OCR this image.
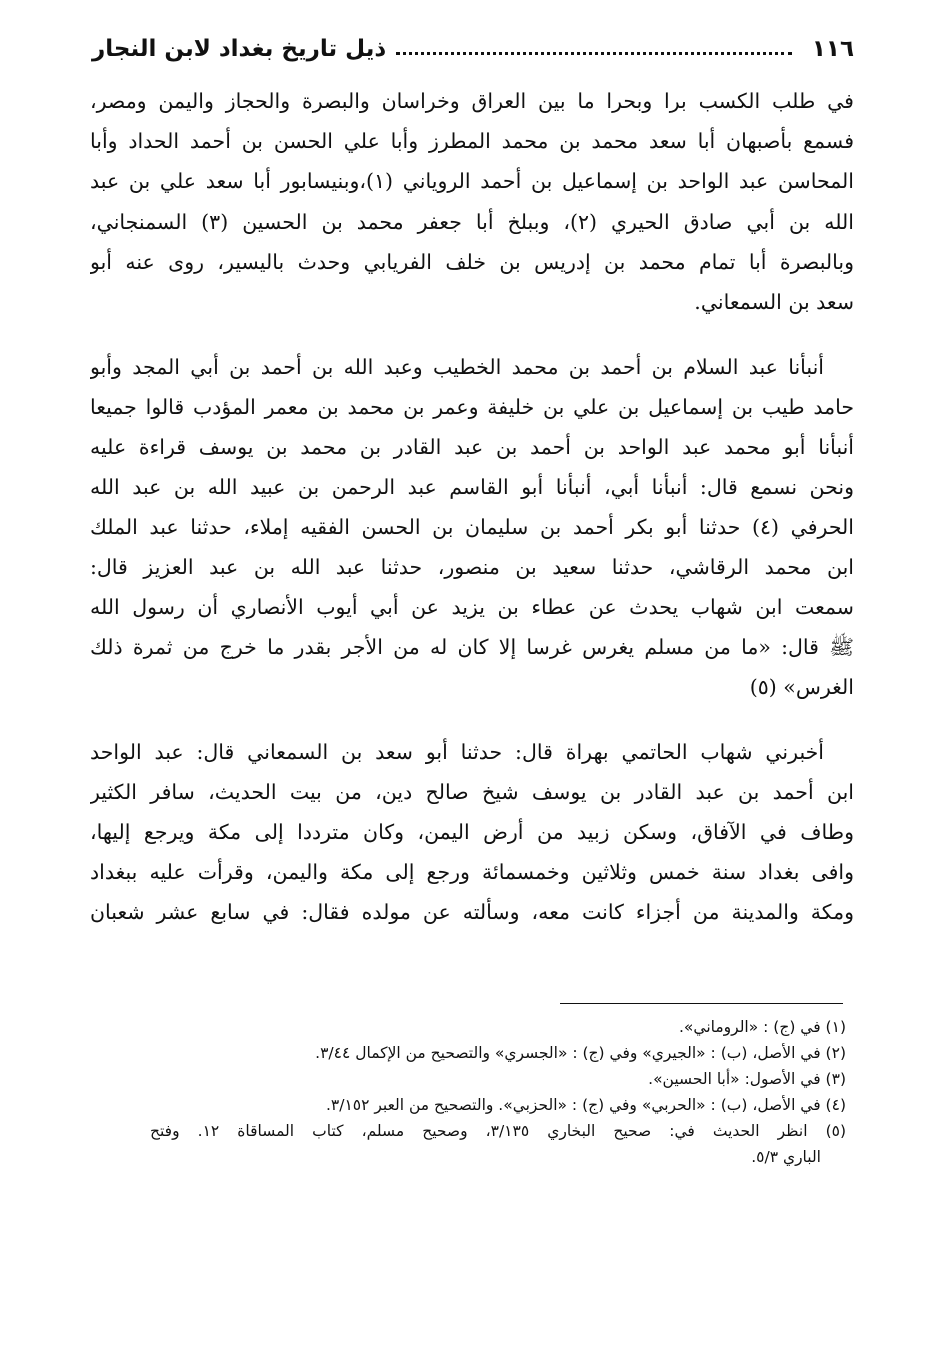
١١٦
ذيل تاريخ بغداد لابن النجار
في طلب الكسب برا وبحرا ما بين العراق وخراسان والبصرة والحجاز واليمن ومصر،
فسمع بأصبهان أبا سعد محمد بن محمد المطرز وأبا علي الحسن بن أحمد الحداد وأبا
المحاسن عبد الواحد بن إسماعيل بن أحمد الروياني (١)،وبنيسابور أبا سعد علي بن عبد
الله بن أبي صادق الحيري (٢)، وببلخ أبا جعفر محمد بن الحسين (٣) السمنجاني،
وبالبصرة أبا تمام محمد بن إدريس بن خلف الفريابي وحدث باليسير، روى عنه أبو
سعد بن السمعاني.
أنبأنا عبد السلام بن أحمد بن محمد الخطيب وعبد الله بن أحمد بن أبي المجد وأبو
حامد طيب بن إسماعيل بن علي بن خليفة وعمر بن محمد بن معمر المؤدب قالوا جميعا
أنبأنا أبو محمد عبد الواحد بن أحمد بن عبد القادر بن محمد بن يوسف قراءة عليه
ونحن نسمع قال: أنبأنا أبي، أنبأنا أبو القاسم عبد الرحمن بن عبيد الله بن عبد الله
الحرفي (٤) حدثنا أبو بكر أحمد بن سليمان بن الحسن الفقيه إملاء، حدثنا عبد الملك
ابن محمد الرقاشي، حدثنا سعيد بن منصور، حدثنا عبد الله بن عبد العزيز قال:
سمعت ابن شهاب يحدث عن عطاء بن يزيد عن أبي أيوب الأنصاري أن رسول الله
ﷺ قال: «ما من مسلم يغرس غرسا إلا كان له من الأجر بقدر ما خرج من ثمرة ذلك
الغرس» (٥)
أخبرني شهاب الحاتمي بهراة قال: حدثنا أبو سعد بن السمعاني قال: عبد الواحد
ابن أحمد بن عبد القادر بن يوسف شيخ صالح دين، من بيت الحديث، سافر الكثير
وطاف في الآفاق، وسكن زبيد من أرض اليمن، وكان مترددا إلى مكة ويرجع إليها،
وافى بغداد سنة خمس وثلاثين وخمسمائة ورجع إلى مكة واليمن، وقرأت عليه ببغداد
ومكة والمدينة من أجزاء كانت معه، وسألته عن مولده فقال: في سابع عشر شعبان
(١) في (ج) : «الروماني».
(٢) في الأصل، (ب) : «الجيري» وفي (ج) : «الجسري» والتصحيح من الإكمال ٣/٤٤.
(٣) في الأصول: «أبا الحسين».
(٤) في الأصل، (ب) : «الحربي» وفي (ج) : «الحزبي». والتصحيح من العبر ٣/١٥٢.
(٥) انظر الحديث في: صحيح البخاري ٣/١٣٥، وصحيح مسلم، كتاب المساقاة ١٢. وفتح
الباري ٥/٣.
